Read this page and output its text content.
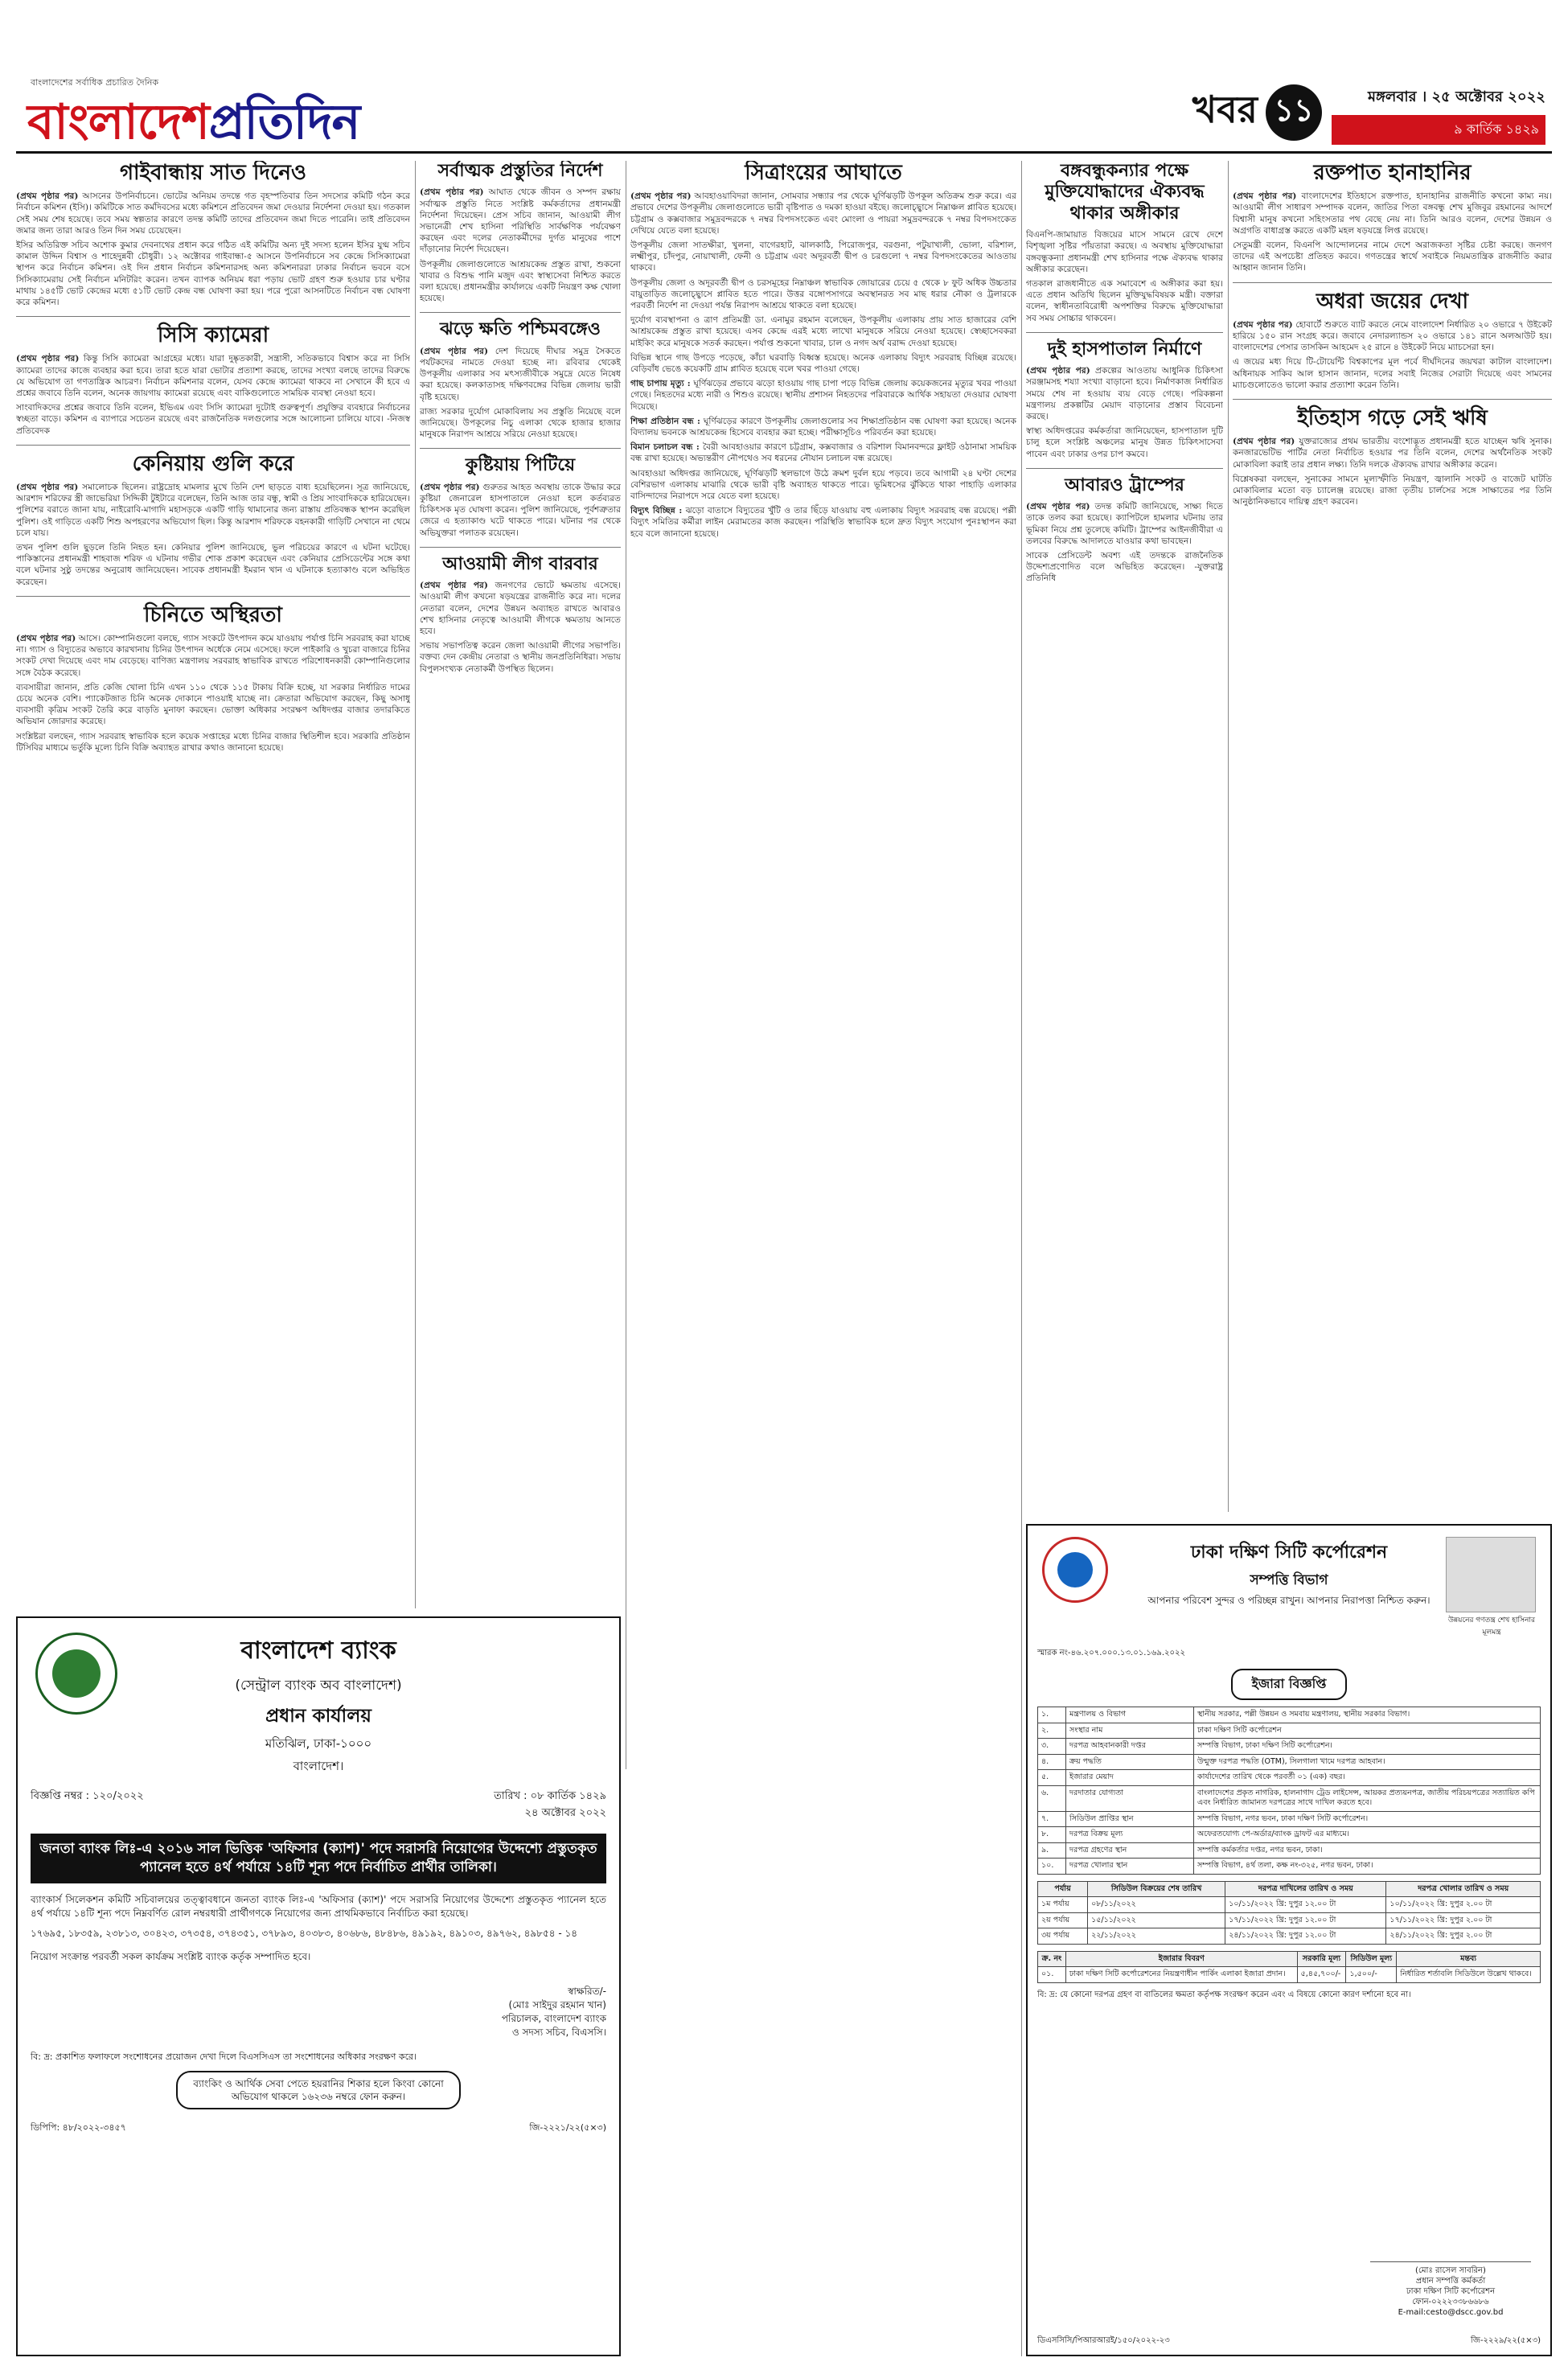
বাংলাদেশের সর্বাধিক প্রচারিত দৈনিক
বাংলাদেশপ্রতিদিন	খবর ১১	মঙ্গলবার । ২৫ অক্টোবর ২০২২
৯ কার্তিক ১৪২৯
গাইবান্ধায় সাত দিনেও

(প্রথম পৃষ্ঠার পর) আসনের উপনির্বাচনে। ভোটের অনিয়ম তদন্তে গত বৃহস্পতিবার তিন সদস্যের কমিটি গঠন করে নির্বাচন কমিশন (ইসি)। কমিটিকে সাত কর্মদিবসের মধ্যে কমিশনে প্রতিবেদন জমা দেওয়ার নির্দেশনা দেওয়া হয়। গতকাল সেই সময় শেষ হয়েছে। তবে সময় স্বল্পতার কারণে তদন্ত কমিটি তাদের প্রতিবেদন জমা দিতে পারেনি। তাই প্রতিবেদন জমার জন্য তারা আরও তিন দিন সময় চেয়েছেন।

ইসির অতিরিক্ত সচিব অশোক কুমার দেবনাথের প্রধান করে গঠিত এই কমিটির অন্য দুই সদস্য হলেন ইসির যুগ্ম সচিব কামাল উদ্দিন বিশ্বাস ও শাহেদুন্নবী চৌধুরী। ১২ অক্টোবর গাইবান্ধা-৫ আসনে উপনির্বাচনে সব কেন্দ্রে সিসিক্যামেরা স্থাপন করে নির্বাচন কমিশন। ওই দিন প্রধান নির্বাচন কমিশনারসহ অন্য কমিশনাররা ঢাকার নির্বাচন ভবনে বসে সিসিক্যামেরায় সেই নির্বাচন মনিটরিং করেন। তখন ব্যাপক অনিয়ম ধরা পড়ায় ভোট গ্রহণ শুরু হওয়ার চার ঘণ্টার মাথায় ১৪৫টি ভোট কেন্দ্রের মধ্যে ৫১টি ভোট কেন্দ্র বন্ধ ঘোষণা করা হয়। পরে পুরো আসনটিতে নির্বাচন বন্ধ ঘোষণা করে কমিশন।

সিসি ক্যামেরা

(প্রথম পৃষ্ঠার পর) কিন্তু সিসি ক্যামেরা আগ্রহের মধ্যে। যারা দুষ্কৃতকারী, সন্ত্রাসী, সতিকভাবে বিশ্বাস করে না সিসি ক্যামেরা তাদের কাজে ব্যবহার করা হবে। তারা হতে যারা ভোটার প্রত্যাশা করছে, তাদের সংখ্যা বলছে তাদের বিরুদ্ধে যে অভিযোগ তা গণতান্ত্রিক আচরণ। নির্বাচন কমিশনার বলেন, যেসব কেন্দ্রে ক্যামেরা থাকবে না সেখানে কী হবে এ প্রশ্নের জবাবে তিনি বলেন, অনেক জায়গায় ক্যামেরা রয়েছে এবং বাকিগুলোতে সাময়িক ব্যবস্থা নেওয়া হবে।

সাংবাদিকদের প্রশ্নের জবাবে তিনি বলেন, ইভিএম এবং সিসি ক্যামেরা দুটোই গুরুত্বপূর্ণ। প্রযুক্তির ব্যবহারে নির্বাচনের স্বচ্ছতা বাড়ে। কমিশন এ ব্যাপারে সচেতন রয়েছে এবং রাজনৈতিক দলগুলোর সঙ্গে আলোচনা চালিয়ে যাবে। -নিজস্ব প্রতিবেদক

কেনিয়ায় গুলি করে

(প্রথম পৃষ্ঠার পর) সমালোচক ছিলেন। রাষ্ট্রদ্রোহ মামলার মুখে তিনি দেশ ছাড়তে বাধ্য হয়েছিলেন। সূত্র জানিয়েছে, আরশাদ শরিফের স্ত্রী জাভেরিয়া সিদ্দিকী টুইটারে বলেছেন, তিনি আজ তার বন্ধু, স্বামী ও প্রিয় সাংবাদিককে হারিয়েছেন। পুলিশের বরাতে জানা যায়, নাইরোবি-মাগাদি মহাসড়কে একটি গাড়ি থামানোর জন্য রাস্তায় প্রতিবন্ধক স্থাপন করেছিল পুলিশ। ওই গাড়িতে একটি শিশু অপহরণের অভিযোগ ছিল। কিন্তু আরশাদ শরিফকে বহনকারী গাড়িটি সেখানে না থেমে চলে যায়।

তখন পুলিশ গুলি ছুড়লে তিনি নিহত হন। কেনিয়ার পুলিশ জানিয়েছে, ভুল পরিচয়ের কারণে এ ঘটনা ঘটেছে। পাকিস্তানের প্রধানমন্ত্রী শাহবাজ শরিফ এ ঘটনায় গভীর শোক প্রকাশ করেছেন এবং কেনিয়ার প্রেসিডেন্টের সঙ্গে কথা বলে ঘটনার সুষ্ঠু তদন্তের অনুরোধ জানিয়েছেন। সাবেক প্রধানমন্ত্রী ইমরান খান এ ঘটনাকে হত্যাকাণ্ড বলে অভিহিত করেছেন।

চিনিতে অস্থিরতা

(প্রথম পৃষ্ঠার পর) আসে। কোম্পানিগুলো বলছে, গ্যাস সংকটে উৎপাদন কমে যাওয়ায় পর্যাপ্ত চিনি সরবরাহ করা যাচ্ছে না। গ্যাস ও বিদ্যুতের অভাবে কারখানায় চিনির উৎপাদন অর্ধেকে নেমে এসেছে। ফলে পাইকারি ও খুচরা বাজারে চিনির সংকট দেখা দিয়েছে এবং দাম বেড়েছে। বাণিজ্য মন্ত্রণালয় সরবরাহ স্বাভাবিক রাখতে পরিশোধনকারী কোম্পানিগুলোর সঙ্গে বৈঠক করেছে।

ব্যবসায়ীরা জানান, প্রতি কেজি খোলা চিনি এখন ১১০ থেকে ১১৫ টাকায় বিক্রি হচ্ছে, যা সরকার নির্ধারিত দামের চেয়ে অনেক বেশি। প্যাকেটজাত চিনি অনেক দোকানে পাওয়াই যাচ্ছে না। ক্রেতারা অভিযোগ করছেন, কিছু অসাধু ব্যবসায়ী কৃত্রিম সংকট তৈরি করে বাড়তি মুনাফা করছেন। ভোক্তা অধিকার সংরক্ষণ অধিদপ্তর বাজার তদারকিতে অভিযান জোরদার করেছে।

সংশ্লিষ্টরা বলছেন, গ্যাস সরবরাহ স্বাভাবিক হলে কয়েক সপ্তাহের মধ্যে চিনির বাজার স্থিতিশীল হবে। সরকারি প্রতিষ্ঠান টিসিবির মাধ্যমে ভর্তুকি মূল্যে চিনি বিক্রি অব্যাহত রাখার কথাও জানানো হয়েছে।

সর্বাত্মক প্রস্তুতির নির্দেশ

(প্রথম পৃষ্ঠার পর) আঘাত থেকে জীবন ও সম্পদ রক্ষায় সর্বাত্মক প্রস্তুতি নিতে সংশ্লিষ্ট কর্মকর্তাদের প্রধানমন্ত্রী নির্দেশনা দিয়েছেন। প্রেস সচিব জানান, আওয়ামী লীগ সভানেত্রী শেখ হাসিনা পরিস্থিতি সার্বক্ষণিক পর্যবেক্ষণ করছেন এবং দলের নেতাকর্মীদের দুর্গত মানুষের পাশে দাঁড়ানোর নির্দেশ দিয়েছেন।

উপকূলীয় জেলাগুলোতে আশ্রয়কেন্দ্র প্রস্তুত রাখা, শুকনো খাবার ও বিশুদ্ধ পানি মজুদ এবং স্বাস্থ্যসেবা নিশ্চিত করতে বলা হয়েছে। প্রধানমন্ত্রীর কার্যালয়ে একটি নিয়ন্ত্রণ কক্ষ খোলা হয়েছে।

ঝড়ে ক্ষতি পশ্চিমবঙ্গেও

(প্রথম পৃষ্ঠার পর) দেশ দিয়েছে দীঘার সমুদ্র সৈকতে পর্যটকদের নামতে দেওয়া হচ্ছে না। রবিবার থেকেই উপকূলীয় এলাকার সব মৎস্যজীবীকে সমুদ্রে যেতে নিষেধ করা হয়েছে। কলকাতাসহ দক্ষিণবঙ্গের বিভিন্ন জেলায় ভারী বৃষ্টি হয়েছে।

রাজ্য সরকার দুর্যোগ মোকাবিলায় সব প্রস্তুতি নিয়েছে বলে জানিয়েছে। উপকূলের নিচু এলাকা থেকে হাজার হাজার মানুষকে নিরাপদ আশ্রয়ে সরিয়ে নেওয়া হয়েছে।

কুষ্টিয়ায় পিটিয়ে

(প্রথম পৃষ্ঠার পর) গুরুতর আহত অবস্থায় তাকে উদ্ধার করে কুষ্টিয়া জেনারেল হাসপাতালে নেওয়া হলে কর্তব্যরত চিকিৎসক মৃত ঘোষণা করেন। পুলিশ জানিয়েছে, পূর্বশত্রুতার জেরে এ হত্যাকাণ্ড ঘটে থাকতে পারে। ঘটনার পর থেকে অভিযুক্তরা পলাতক রয়েছেন।

আওয়ামী লীগ বারবার

(প্রথম পৃষ্ঠার পর) জনগণের ভোটে ক্ষমতায় এসেছে। আওয়ামী লীগ কখনো ষড়যন্ত্রের রাজনীতি করে না। দলের নেতারা বলেন, দেশের উন্নয়ন অব্যাহত রাখতে আবারও শেখ হাসিনার নেতৃত্বে আওয়ামী লীগকে ক্ষমতায় আনতে হবে।

সভায় সভাপতিত্ব করেন জেলা আওয়ামী লীগের সভাপতি। বক্তব্য দেন কেন্দ্রীয় নেতারা ও স্থানীয় জনপ্রতিনিধিরা। সভায় বিপুলসংখ্যক নেতাকর্মী উপস্থিত ছিলেন।

সিত্রাংয়ের আঘাতে

(প্রথম পৃষ্ঠার পর) আবহাওয়াবিদরা জানান, সোমবার সন্ধ্যার পর থেকে ঘূর্ণিঝড়টি উপকূল অতিক্রম শুরু করে। এর প্রভাবে দেশের উপকূলীয় জেলাগুলোতে ভারী বৃষ্টিপাত ও দমকা হাওয়া বইছে। জলোচ্ছ্বাসে নিম্নাঞ্চল প্লাবিত হয়েছে। চট্টগ্রাম ও কক্সবাজার সমুদ্রবন্দরকে ৭ নম্বর বিপদসংকেত এবং মোংলা ও পায়রা সমুদ্রবন্দরকে ৭ নম্বর বিপদসংকেত দেখিয়ে যেতে বলা হয়েছে।

উপকূলীয় জেলা সাতক্ষীরা, খুলনা, বাগেরহাট, ঝালকাঠি, পিরোজপুর, বরগুনা, পটুয়াখালী, ভোলা, বরিশাল, লক্ষ্মীপুর, চাঁদপুর, নোয়াখালী, ফেনী ও চট্টগ্রাম এবং অদূরবর্তী দ্বীপ ও চরগুলো ৭ নম্বর বিপদসংকেতের আওতায় থাকবে।

উপকূলীয় জেলা ও অদূরবর্তী দ্বীপ ও চরসমূহের নিম্নাঞ্চল স্বাভাবিক জোয়ারের চেয়ে ৫ থেকে ৮ ফুট অধিক উচ্চতার বায়ুতাড়িত জলোচ্ছ্বাসে প্লাবিত হতে পারে। উত্তর বঙ্গোপসাগরে অবস্থানরত সব মাছ ধরার নৌকা ও ট্রলারকে পরবর্তী নির্দেশ না দেওয়া পর্যন্ত নিরাপদ আশ্রয়ে থাকতে বলা হয়েছে।

দুর্যোগ ব্যবস্থাপনা ও ত্রাণ প্রতিমন্ত্রী ডা. এনামুর রহমান বলেছেন, উপকূলীয় এলাকায় প্রায় সাত হাজারের বেশি আশ্রয়কেন্দ্র প্রস্তুত রাখা হয়েছে। এসব কেন্দ্রে এরই মধ্যে লাখো মানুষকে সরিয়ে নেওয়া হয়েছে। স্বেচ্ছাসেবকরা মাইকিং করে মানুষকে সতর্ক করছেন। পর্যাপ্ত শুকনো খাবার, চাল ও নগদ অর্থ বরাদ্দ দেওয়া হয়েছে।

বিভিন্ন স্থানে গাছ উপড়ে পড়েছে, কাঁচা ঘরবাড়ি বিধ্বস্ত হয়েছে। অনেক এলাকায় বিদ্যুৎ সরবরাহ বিচ্ছিন্ন রয়েছে। বেড়িবাঁধ ভেঙে কয়েকটি গ্রাম প্লাবিত হয়েছে বলে খবর পাওয়া গেছে।

গাছ চাপায় মৃত্যু : ঘূর্ণিঝড়ের প্রভাবে ঝড়ো হাওয়ায় গাছ চাপা পড়ে বিভিন্ন জেলায় কয়েকজনের মৃত্যুর খবর পাওয়া গেছে। নিহতদের মধ্যে নারী ও শিশুও রয়েছে। স্থানীয় প্রশাসন নিহতদের পরিবারকে আর্থিক সহায়তা দেওয়ার ঘোষণা দিয়েছে।

শিক্ষা প্রতিষ্ঠান বন্ধ : ঘূর্ণিঝড়ের কারণে উপকূলীয় জেলাগুলোর সব শিক্ষাপ্রতিষ্ঠান বন্ধ ঘোষণা করা হয়েছে। অনেক বিদ্যালয় ভবনকে আশ্রয়কেন্দ্র হিসেবে ব্যবহার করা হচ্ছে। পরীক্ষাসূচিও পরিবর্তন করা হয়েছে।

বিমান চলাচল বন্ধ : বৈরী আবহাওয়ার কারণে চট্টগ্রাম, কক্সবাজার ও বরিশাল বিমানবন্দরে ফ্লাইট ওঠানামা সাময়িক বন্ধ রাখা হয়েছে। অভ্যন্তরীণ নৌপথেও সব ধরনের নৌযান চলাচল বন্ধ রয়েছে।

আবহাওয়া অধিদপ্তর জানিয়েছে, ঘূর্ণিঝড়টি স্থলভাগে উঠে ক্রমশ দুর্বল হয়ে পড়বে। তবে আগামী ২৪ ঘণ্টা দেশের বেশিরভাগ এলাকায় মাঝারি থেকে ভারী বৃষ্টি অব্যাহত থাকতে পারে। ভূমিধসের ঝুঁকিতে থাকা পাহাড়ি এলাকার বাসিন্দাদের নিরাপদে সরে যেতে বলা হয়েছে।

বিদ্যুৎ বিচ্ছিন্ন : ঝড়ো বাতাসে বিদ্যুতের খুঁটি ও তার ছিঁড়ে যাওয়ায় বহু এলাকায় বিদ্যুৎ সরবরাহ বন্ধ রয়েছে। পল্লী বিদ্যুৎ সমিতির কর্মীরা লাইন মেরামতের কাজ করছেন। পরিস্থিতি স্বাভাবিক হলে দ্রুত বিদ্যুৎ সংযোগ পুনঃস্থাপন করা হবে বলে জানানো হয়েছে।

বঙ্গবন্ধুকন্যার পক্ষে মুক্তিযোদ্ধাদের ঐক্যবদ্ধ থাকার অঙ্গীকার

বিএনপি-জামায়াত বিজয়ের মাসে সামনে রেখে দেশে বিশৃঙ্খলা সৃষ্টির পাঁয়তারা করছে। এ অবস্থায় মুক্তিযোদ্ধারা বঙ্গবন্ধুকন্যা প্রধানমন্ত্রী শেখ হাসিনার পক্ষে ঐক্যবদ্ধ থাকার অঙ্গীকার করেছেন।

গতকাল রাজধানীতে এক সমাবেশে এ অঙ্গীকার করা হয়। এতে প্রধান অতিথি ছিলেন মুক্তিযুদ্ধবিষয়ক মন্ত্রী। বক্তারা বলেন, স্বাধীনতাবিরোধী অপশক্তির বিরুদ্ধে মুক্তিযোদ্ধারা সব সময় সোচ্চার থাকবেন।

দুই হাসপাতাল নির্মাণে

(প্রথম পৃষ্ঠার পর) প্রকল্পের আওতায় আধুনিক চিকিৎসা সরঞ্জামসহ শয্যা সংখ্যা বাড়ানো হবে। নির্মাণকাজ নির্ধারিত সময়ে শেষ না হওয়ায় ব্যয় বেড়ে গেছে। পরিকল্পনা মন্ত্রণালয় প্রকল্পটির মেয়াদ বাড়ানোর প্রস্তাব বিবেচনা করছে।

স্বাস্থ্য অধিদপ্তরের কর্মকর্তারা জানিয়েছেন, হাসপাতাল দুটি চালু হলে সংশ্লিষ্ট অঞ্চলের মানুষ উন্নত চিকিৎসাসেবা পাবেন এবং ঢাকার ওপর চাপ কমবে।

আবারও ট্রাম্পের

(প্রথম পৃষ্ঠার পর) তদন্ত কমিটি জানিয়েছে, সাক্ষ্য দিতে তাকে তলব করা হয়েছে। ক্যাপিটলে হামলার ঘটনায় তার ভূমিকা নিয়ে প্রশ্ন তুলেছে কমিটি। ট্রাম্পের আইনজীবীরা এ তলবের বিরুদ্ধে আদালতে যাওয়ার কথা ভাবছেন।

সাবেক প্রেসিডেন্ট অবশ্য এই তদন্তকে রাজনৈতিক উদ্দেশ্যপ্রণোদিত বলে অভিহিত করেছেন। -যুক্তরাষ্ট্র প্রতিনিধি

রক্তপাত হানাহানির

(প্রথম পৃষ্ঠার পর) বাংলাদেশের ইতিহাসে রক্তপাত, হানাহানির রাজনীতি কখনো কাম্য নয়। আওয়ামী লীগ সাধারণ সম্পাদক বলেন, জাতির পিতা বঙ্গবন্ধু শেখ মুজিবুর রহমানের আদর্শে বিশ্বাসী মানুষ কখনো সহিংসতার পথ বেছে নেয় না। তিনি আরও বলেন, দেশের উন্নয়ন ও অগ্রগতি বাধাগ্রস্ত করতে একটি মহল ষড়যন্ত্রে লিপ্ত রয়েছে।

সেতুমন্ত্রী বলেন, বিএনপি আন্দোলনের নামে দেশে অরাজকতা সৃষ্টির চেষ্টা করছে। জনগণ তাদের এই অপচেষ্টা প্রতিহত করবে। গণতন্ত্রের স্বার্থে সবাইকে নিয়মতান্ত্রিক রাজনীতি করার আহ্বান জানান তিনি।

অধরা জয়ের দেখা

(প্রথম পৃষ্ঠার পর) হোবার্টে শুরুতে ব্যাট করতে নেমে বাংলাদেশ নির্ধারিত ২০ ওভারে ৭ উইকেট হারিয়ে ১৫০ রান সংগ্রহ করে। জবাবে নেদারল্যান্ডস ২০ ওভারে ১৪১ রানে অলআউট হয়। বাংলাদেশের পেসার তাসকিন আহমেদ ২৫ রানে ৪ উইকেট নিয়ে ম্যাচসেরা হন।

এ জয়ের মধ্য দিয়ে টি-টোয়েন্টি বিশ্বকাপের মূল পর্বে দীর্ঘদিনের জয়খরা কাটাল বাংলাদেশ। অধিনায়ক সাকিব আল হাসান জানান, দলের সবাই নিজের সেরাটা দিয়েছে এবং সামনের ম্যাচগুলোতেও ভালো করার প্রত্যাশা করেন তিনি।

ইতিহাস গড়ে সেই ঋষি

(প্রথম পৃষ্ঠার পর) যুক্তরাজ্যের প্রথম ভারতীয় বংশোদ্ভূত প্রধানমন্ত্রী হতে যাচ্ছেন ঋষি সুনাক। কনজারভেটিভ পার্টির নেতা নির্বাচিত হওয়ার পর তিনি বলেন, দেশের অর্থনৈতিক সংকট মোকাবিলা করাই তার প্রধান লক্ষ্য। তিনি দলকে ঐক্যবদ্ধ রাখার অঙ্গীকার করেন।

বিশ্লেষকরা বলছেন, সুনাকের সামনে মূল্যস্ফীতি নিয়ন্ত্রণ, জ্বালানি সংকট ও বাজেট ঘাটতি মোকাবিলার মতো বড় চ্যালেঞ্জ রয়েছে। রাজা তৃতীয় চার্লসের সঙ্গে সাক্ষাতের পর তিনি আনুষ্ঠানিকভাবে দায়িত্ব গ্রহণ করবেন।

বাংলাদেশ ব্যাংক
(সেন্ট্রাল ব্যাংক অব বাংলাদেশ)
প্রধান কার্যালয়
মতিঝিল, ঢাকা-১০০০
বাংলাদেশ।
বিজ্ঞপ্তি নম্বর : ১২০/২০২২	তারিখ : ০৮ কার্তিক ১৪২৯
২৪ অক্টোবর ২০২২
জনতা ব্যাংক লিঃ-এ ২০১৬ সাল ভিত্তিক 'অফিসার (ক্যাশ)' পদে সরাসরি নিয়োগের উদ্দেশ্যে প্রস্তুতকৃত প্যানেল হতে ৪র্থ পর্যায়ে ১৪টি শূন্য পদে নির্বাচিত প্রার্থীর তালিকা।
ব্যাংকার্স সিলেকশন কমিটি সচিবালয়ের তত্ত্বাবধানে জনতা ব্যাংক লিঃ-এ 'অফিসার (ক্যাশ)' পদে সরাসরি নিয়োগের উদ্দেশ্যে প্রস্তুতকৃত প্যানেল হতে ৪র্থ পর্যায়ে ১৪টি শূন্য পদে নিম্নবর্ণিত রোল নম্বরধারী প্রার্থীগণকে নিয়োগের জন্য প্রাথমিকভাবে নির্বাচিত করা হয়েছে।
১৭৬৯৫, ১৮৩৫৯, ২৩৮১৩, ৩০৪২৩, ৩৭৩৫৪, ৩৭৪৩৫১, ৩৭৮৯৩, ৪০৩৮৩, ৪০৬৮৬, ৪৮৪৮৬, ৪৯১৯২, ৪৯১০৩, ৪৯৭৬২, ৪৯৮৫৪ - ১৪
নিয়োগ সংক্রান্ত পরবর্তী সকল কার্যক্রম সংশ্লিষ্ট ব্যাংক কর্তৃক সম্পাদিত হবে।
স্বাক্ষরিত/-
(মোঃ সাইদুর রহমান খান)
পরিচালক, বাংলাদেশ ব্যাংক
ও সদস্য সচিব, বিএসসি।
বি: দ্র: প্রকাশিত ফলাফলে সংশোধনের প্রয়োজন দেখা দিলে বিএসসিএস তা সংশোধনের অধিকার সংরক্ষণ করে।
ব্যাংকিং ও আর্থিক সেবা পেতে হয়রানির শিকার হলে কিংবা কোনো অভিযোগ থাকলে ১৬২৩৬ নম্বরে ফোন করুন।
ডিপিপি: ৪৮/২০২২-৩৪৫৭	জি-২২২১/২২(৫×৩)
উন্নয়নের গণতন্ত্র শেখ হাসিনার মূলমন্ত্র
ঢাকা দক্ষিণ সিটি কর্পোরেশন
সম্পত্তি বিভাগ
আপনার পরিবেশ সুন্দর ও পরিচ্ছন্ন রাখুন। আপনার নিরাপত্তা নিশ্চিত করুন।
স্মারক নং-৪৬.২০৭.০০০.১৩.০১.১৬৯.২০২২
ইজারা বিজ্ঞপ্তি
১.	মন্ত্রণালয় ও বিভাগ	স্থানীয় সরকার, পল্লী উন্নয়ন ও সমবায় মন্ত্রণালয়, স্থানীয় সরকার বিভাগ।
২.	সংস্থার নাম	ঢাকা দক্ষিণ সিটি কর্পোরেশন
৩.	দরপত্র আহবানকারী দপ্তর	সম্পত্তি বিভাগ, ঢাকা দক্ষিণ সিটি কর্পোরেশন।
৪.	ক্রয় পদ্ধতি	উন্মুক্ত দরপত্র পদ্ধতি (OTM), সিলগালা খামে দরপত্র আহবান।
৫.	ইজারার মেয়াদ	কার্যাদেশের তারিখ থেকে পরবর্তী ০১ (এক) বছর।
৬.	দরদাতার যোগ্যতা	বাংলাদেশের প্রকৃত নাগরিক, হালনাগাদ ট্রেড লাইসেন্স, আয়কর প্রত্যয়নপত্র, জাতীয় পরিচয়পত্রের সত্যায়িত কপি এবং নির্ধারিত জামানত দরপত্রের সাথে দাখিল করতে হবে।
৭.	সিডিউল প্রাপ্তির স্থান	সম্পত্তি বিভাগ, নগর ভবন, ঢাকা দক্ষিণ সিটি কর্পোরেশন।
৮.	দরপত্র বিক্রয় মূল্য	অফেরতযোগ্য পে-অর্ডার/ব্যাংক ড্রাফট এর মাধ্যমে।
৯.	দরপত্র গ্রহণের স্থান	সম্পত্তি কর্মকর্তার দপ্তর, নগর ভবন, ঢাকা।
১০.	দরপত্র খোলার স্থান	সম্পত্তি বিভাগ, ৪র্থ তলা, কক্ষ নং-৩২৫, নগর ভবন, ঢাকা।
পর্যায়	সিডিউল বিক্রয়ের শেষ তারিখ	দরপত্র দাখিলের তারিখ ও সময়	দরপত্র খোলার তারিখ ও সময়
১ম পর্যায়	০৮/১১/২০২২	১০/১১/২০২২ খ্রি: দুপুর ১২.০০ টা	১০/১১/২০২২ খ্রি: দুপুর ২.০০ টা
২য় পর্যায়	১৫/১১/২০২২	১৭/১১/২০২২ খ্রি: দুপুর ১২.০০ টা	১৭/১১/২০২২ খ্রি: দুপুর ২.০০ টা
৩য় পর্যায়	২২/১১/২০২২	২৪/১১/২০২২ খ্রি: দুপুর ১২.০০ টা	২৪/১১/২০২২ খ্রি: দুপুর ২.০০ টা
ক্র. নং	ইজারার বিবরণ	সরকারি মূল্য	সিডিউল মূল্য	মন্তব্য
০১.	ঢাকা দক্ষিণ সিটি কর্পোরেশনের নিয়ন্ত্রণাধীন পার্কিং এলাকা ইজারা প্রদান।	৫,৪৫,৭০০/-	১,৫০০/-	নির্ধারিত শর্তাবলি সিডিউলে উল্লেখ থাকবে।
বি: দ্র: যে কোনো দরপত্র গ্রহণ বা বাতিলের ক্ষমতা কর্তৃপক্ষ সংরক্ষণ করেন এবং এ বিষয়ে কোনো কারণ দর্শানো হবে না।
(মোঃ রাসেল সাবরিন)
প্রধান সম্পত্তি কর্মকর্তা
ঢাকা দক্ষিণ সিটি কর্পোরেশন
ফোন-০২২২৩৩৮৬৬৮৬
E-mail:cesto@dscc.gov.bd
ডিএসসিসি/পিআরআরই/১৫০/২০২২-২৩	জি-২২২৯/২২(৫×৩)
